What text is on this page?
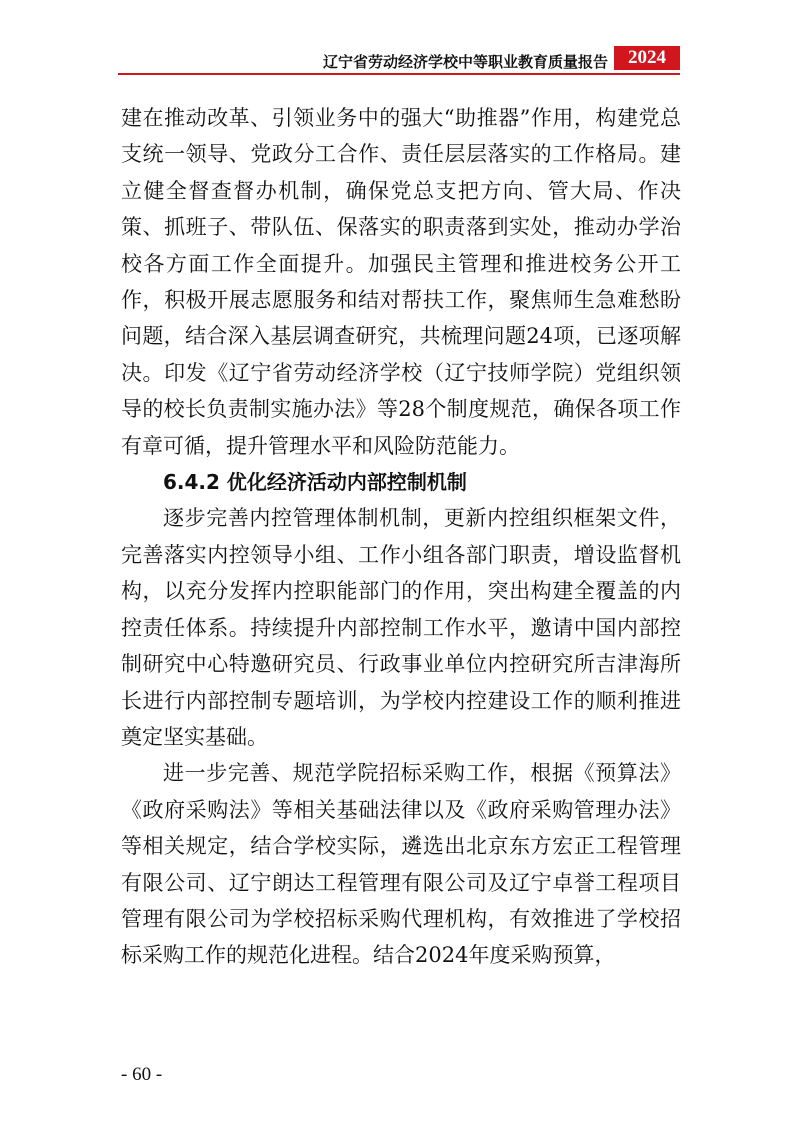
辽宁省劳动经济学校中等职业教育质量报告	2024

建在推动改革、引领业务中的强大“助推器”作用，构建党总支统一领导、党政分工合作、责任层层落实的工作格局。建立健全督查督办机制，确保党总支把方向、管大局、作决策、抓班子、带队伍、保落实的职责落到实处，推动办学治校各方面工作全面提升。加强民主管理和推进校务公开工作，积极开展志愿服务和结对帮扶工作，聚焦师生急难愁盼问题，结合深入基层调查研究，共梳理问题24项，已逐项解决。印发《辽宁省劳动经济学校（辽宁技师学院）党组织领导的校长负责制实施办法》等28个制度规范，确保各项工作有章可循，提升管理水平和风险防范能力。

6.4.2 优化经济活动内部控制机制

逐步完善内控管理体制机制，更新内控组织框架文件，完善落实内控领导小组、工作小组各部门职责，增设监督机构，以充分发挥内控职能部门的作用，突出构建全覆盖的内控责任体系。持续提升内部控制工作水平，邀请中国内部控制研究中心特邀研究员、行政事业单位内控研究所吉津海所长进行内部控制专题培训，为学校内控建设工作的顺利推进奠定坚实基础。

进一步完善、规范学院招标采购工作，根据《预算法》《政府采购法》等相关基础法律以及《政府采购管理办法》等相关规定，结合学校实际，遴选出北京东方宏正工程管理有限公司、辽宁朗达工程管理有限公司及辽宁卓誉工程项目管理有限公司为学校招标采购代理机构，有效推进了学校招标采购工作的规范化进程。结合2024年度采购预算，

- 60 -
